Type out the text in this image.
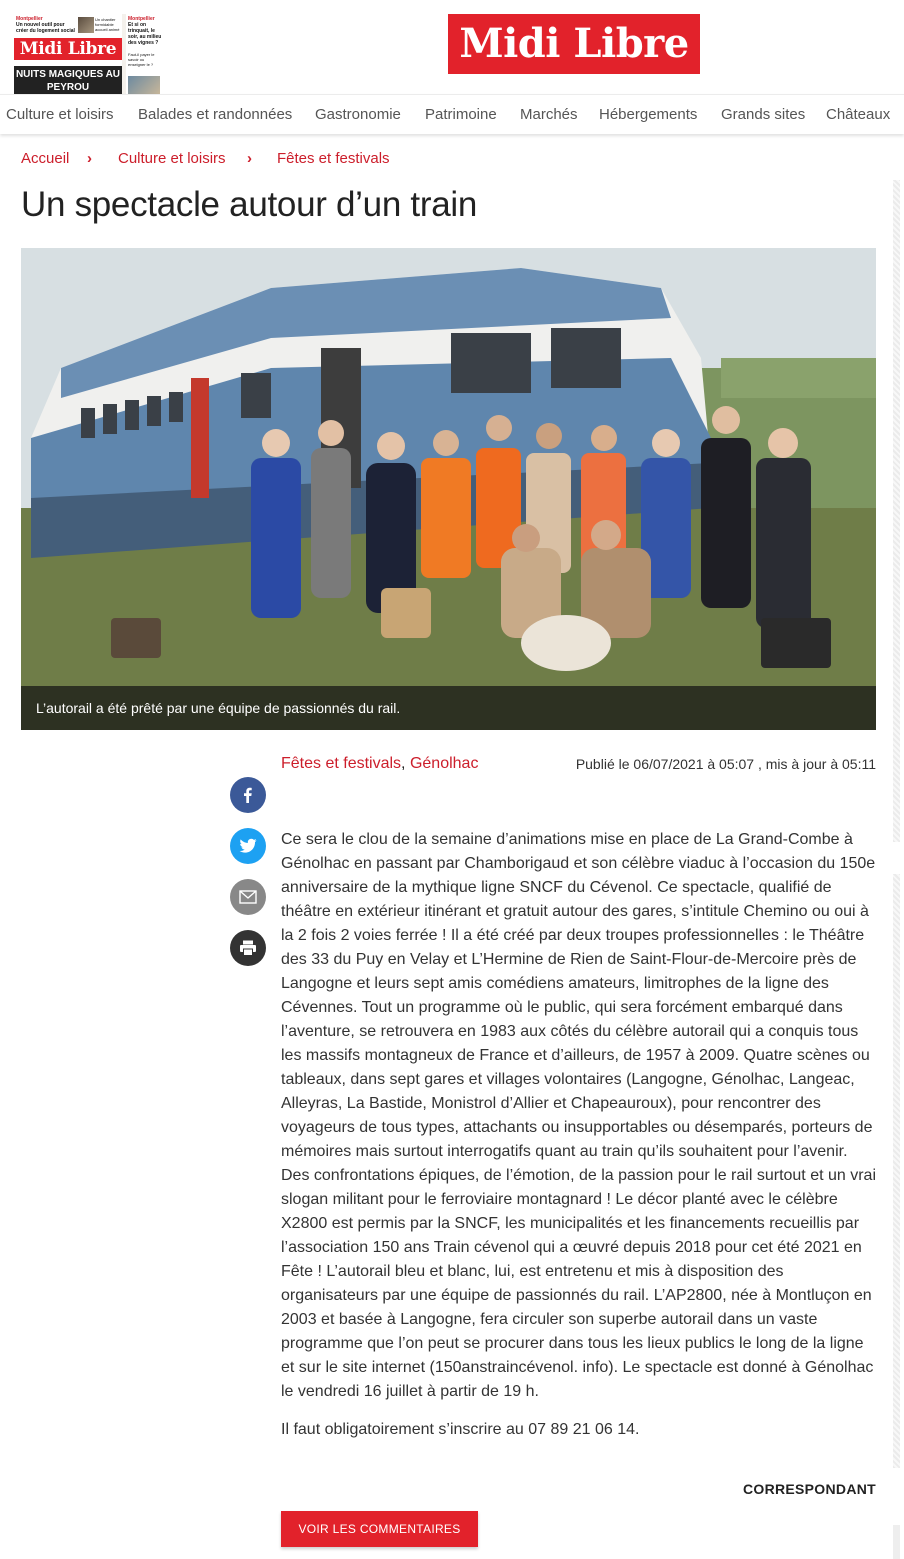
Montpellier
Un nouvel outil pour créer du logement social
Un chantier formidable accueil animé
Midi Libre
NUITS MAGIQUES AU PEYROU
Montpellier
Et si on trinquait, le soir, au milieu des vignes ?
Faut-il payer le savoir ou enseigner le ?	Midi Libre
Culture et loisirs Balades et randonnées Gastronomie Patrimoine Marchés Hébergements Grands sites Châteaux
Accueil › Culture et loisirs › Fêtes et festivals
Un spectacle autour d’un train
L’autorail a été prêté par une équipe de passionnés du rail.
Fêtes et festivals, Génolhac	Publié le 06/07/2021 à 05:07 , mis à jour à 05:11

Ce sera le clou de la semaine d’animations mise en place de La Grand-Combe à Génolhac en passant par Chamborigaud et son célèbre viaduc à l’occasion du 150e anniversaire de la mythique ligne SNCF du Cévenol. Ce spectacle, qualifié de théâtre en extérieur itinérant et gratuit autour des gares, s’intitule Chemino ou oui à la 2 fois 2 voies ferrée ! Il a été créé par deux troupes professionnelles : le Théâtre des 33 du Puy en Velay et L’Hermine de Rien de Saint-Flour-de-Mercoire près de Langogne et leurs sept amis comédiens amateurs, limitrophes de la ligne des Cévennes. Tout un programme où le public, qui sera forcément embarqué dans l’aventure, se retrouvera en 1983 aux côtés du célèbre autorail qui a conquis tous les massifs montagneux de France et d’ailleurs, de 1957 à 2009. Quatre scènes ou tableaux, dans sept gares et villages volontaires (Langogne, Génolhac, Langeac, Alleyras, La Bastide, Monistrol d’Allier et Chapeauroux), pour rencontrer des voyageurs de tous types, attachants ou insupportables ou désemparés, porteurs de mémoires mais surtout interrogatifs quant au train qu’ils souhaitent pour l’avenir. Des confrontations épiques, de l’émotion, de la passion pour le rail surtout et un vrai slogan militant pour le ferroviaire montagnard ! Le décor planté avec le célèbre X2800 est permis par la SNCF, les municipalités et les financements recueillis par l’association 150 ans Train cévenol qui a œuvré depuis 2018 pour cet été 2021 en Fête ! L’autorail bleu et blanc, lui, est entretenu et mis à disposition des organisateurs par une équipe de passionnés du rail. L’AP2800, née à Montluçon en 2003 et basée à Langogne, fera circuler son superbe autorail dans un vaste programme que l’on peut se procurer dans tous les lieux publics le long de la ligne et sur le site internet (150anstraincévenol. info). Le spectacle est donné à Génolhac le vendredi 16 juillet à partir de 19 h.

Il faut obligatoirement s’inscrire au 07 89 21 06 14.

CORRESPONDANT
VOIR LES COMMENTAIRES
